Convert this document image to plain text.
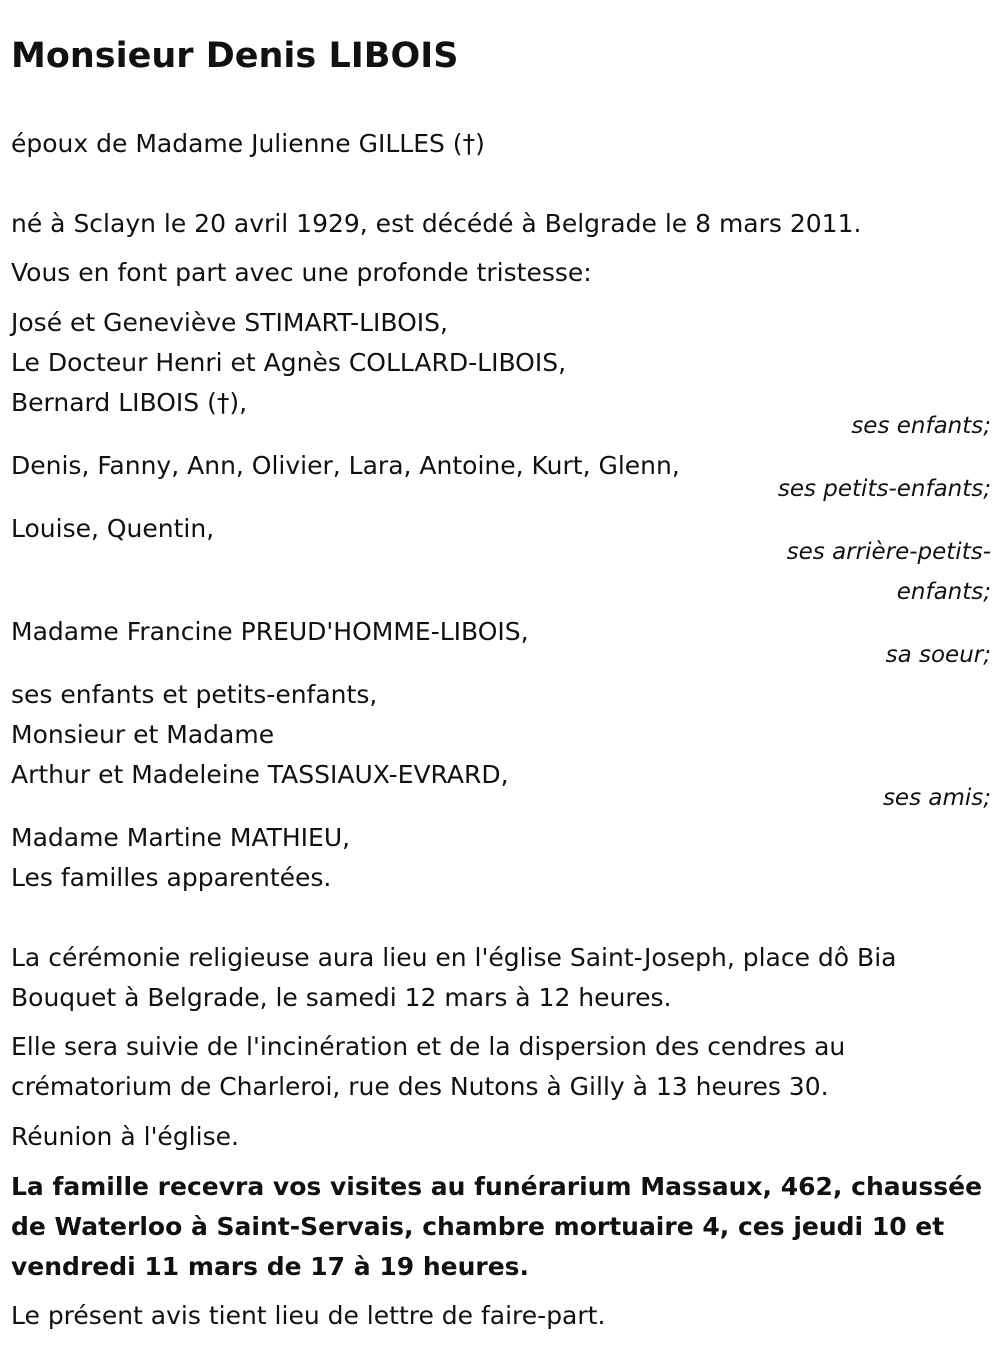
Monsieur Denis LIBOIS
époux de Madame Julienne GILLES (†)
né à Sclayn le 20 avril 1929, est décédé à Belgrade le 8 mars 2011.
Vous en font part avec une profonde tristesse:
José et Geneviève STIMART-LIBOIS,
Le Docteur Henri et Agnès COLLARD-LIBOIS,
Bernard LIBOIS (†),
ses enfants;
Denis, Fanny, Ann, Olivier, Lara, Antoine, Kurt, Glenn,
ses petits-enfants;
Louise, Quentin,
ses arrière-petits-
enfants;
Madame Francine PREUD'HOMME-LIBOIS,
sa soeur;
ses enfants et petits-enfants,
Monsieur et Madame
Arthur et Madeleine TASSIAUX-EVRARD,
ses amis;
Madame Martine MATHIEU,
Les familles apparentées.
La cérémonie religieuse aura lieu en l'église Saint-Joseph, place dô Bia
Bouquet à Belgrade, le samedi 12 mars à 12 heures.
Elle sera suivie de l'incinération et de la dispersion des cendres au
crématorium de Charleroi, rue des Nutons à Gilly à 13 heures 30.
Réunion à l'église.
La famille recevra vos visites au funérarium Massaux, 462, chaussée
de Waterloo à Saint-Servais, chambre mortuaire 4, ces jeudi 10 et
vendredi 11 mars de 17 à 19 heures.
Le présent avis tient lieu de lettre de faire-part.
